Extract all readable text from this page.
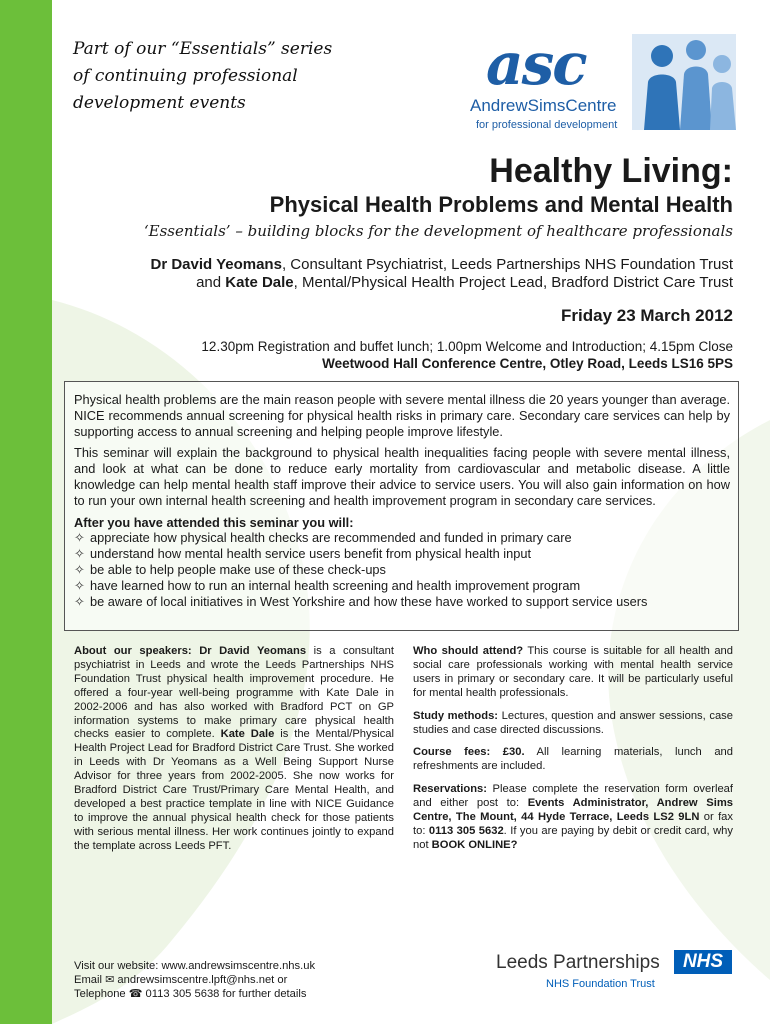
Part of our “Essentials” series
of continuing professional
development events
asc
AndrewSimsCentre
for professional development
Healthy Living:
Physical Health Problems and Mental Health
‘Essentials’ – building blocks for the development of healthcare professionals
Dr David Yeomans, Consultant Psychiatrist, Leeds Partnerships NHS Foundation Trust
and Kate Dale, Mental/Physical Health Project Lead, Bradford District Care Trust
Friday 23 March 2012
12.30pm Registration and buffet lunch; 1.00pm Welcome and Introduction; 4.15pm Close
Weetwood Hall Conference Centre, Otley Road, Leeds LS16 5PS

Physical health problems are the main reason people with severe mental illness die 20 years younger than average. NICE recommends annual screening for physical health risks in primary care. Secondary care services can help by supporting access to annual screening and helping people improve lifestyle.

This seminar will explain the background to physical health inequalities facing people with severe mental illness, and look at what can be done to reduce early mortality from cardiovascular and metabolic disease. A little knowledge can help mental health staff improve their advice to service users. You will also gain information on how to run your own internal health screening and health improvement program in secondary care services.

After you have attended this seminar you will:
✧ appreciate how physical health checks are recommended and funded in primary care
✧ understand how mental health service users benefit from physical health input
✧ be able to help people make use of these check-ups
✧ have learned how to run an internal health screening and health improvement program
✧ be aware of local initiatives in West Yorkshire and how these have worked to support service users
About our speakers: Dr David Yeomans is a consultant psychiatrist in Leeds and wrote the Leeds Partnerships NHS Foundation Trust physical health improvement procedure. He offered a four-year well-being programme with Kate Dale in 2002-2006 and has also worked with Bradford PCT on GP information systems to make primary care physical health checks easier to complete. Kate Dale is the Mental/Physical Health Project Lead for Bradford District Care Trust. She worked in Leeds with Dr Yeomans as a Well Being Support Nurse Advisor for three years from 2002-2005. She now works for Bradford District Care Trust/Primary Care Mental Health, and developed a best practice template in line with NICE Guidance to improve the annual physical health check for those patients with serious mental illness. Her work continues jointly to expand the template across Leeds PFT.

Who should attend? This course is suitable for all health and social care professionals working with mental health service users in primary or secondary care. It will be particularly useful for mental health professionals.

Study methods: Lectures, question and answer sessions, case studies and case directed discussions.

Course fees: £30. All learning materials, lunch and refreshments are included.

Reservations: Please complete the reservation form overleaf and either post to: Events Administrator, Andrew Sims Centre, The Mount, 44 Hyde Terrace, Leeds LS2 9LN or fax to: 0113 305 5632. If you are paying by debit or credit card, why not BOOK ONLINE?

Visit our website: www.andrewsimscentre.nhs.uk
Email ✉ andrewsimscentre.lpft@nhs.net or
Telephone ☎ 0113 305 5638 for further details
Leeds Partnerships	NHS
NHS Foundation Trust
